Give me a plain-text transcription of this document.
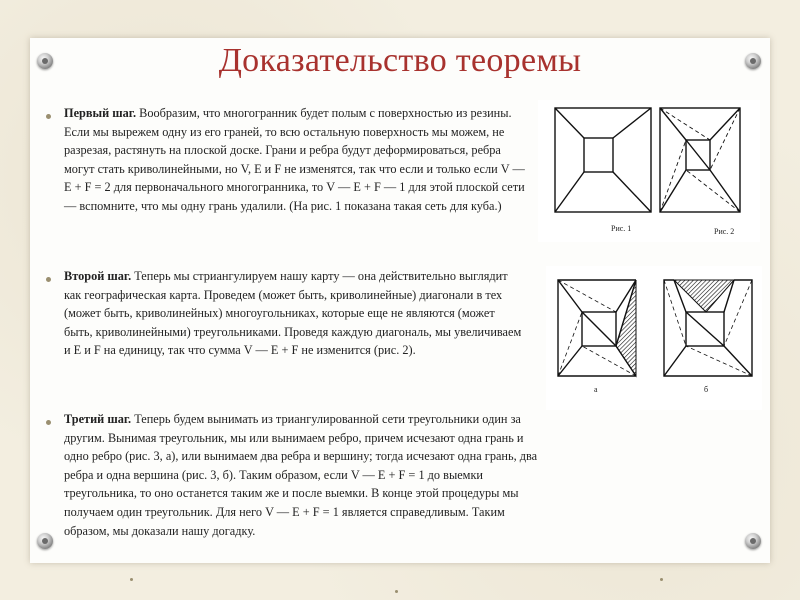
Доказательство теоремы

Первый шаг. Вообразим, что многогранник будет полым с поверхностью из резины. Если мы вырежем одну из его граней, то всю остальную поверхность мы можем, не разрезая, растянуть на плоской доске. Грани и ребра будут деформироваться, ребра могут стать криволинейными, но V, E и F не изменятся, так что если и только если V — E + F = 2 для первоначального многогранника, то V — E + F — 1 для этой плоской сети — вспомните, что мы одну грань удалили. (На рис. 1 показана такая сеть для куба.)

Второй шаг. Теперь мы стриангулируем нашу карту — она действительно выглядит как географическая карта. Проведем (может быть, криволинейные) диагонали в тех (может быть, криволинейных) многоугольниках, которые еще не являются (может быть, криволинейными) треугольниками. Проведя каждую диагональ, мы увеличиваем и E и F на единицу, так что сумма V — E + F не изменится (рис. 2).

Третий шаг. Теперь будем вынимать из триангулированной сети треугольники один за другим. Вынимая треугольник, мы или вынимаем ребро, причем исчезают одна грань и одно ребро (рис. 3, а), или вынимаем два ребра и вершину; тогда исчезают одна грань, два ребра и одна вершина (рис. 3, б). Таким образом, если V — E + F = 1 до выемки треугольника, то оно останется таким же и после выемки. В конце этой процедуры мы получаем один треугольник. Для него V — E + F = 1 является справедливым. Таким образом, мы доказали нашу догадку.

Рис. 1	Рис. 2
а	б
